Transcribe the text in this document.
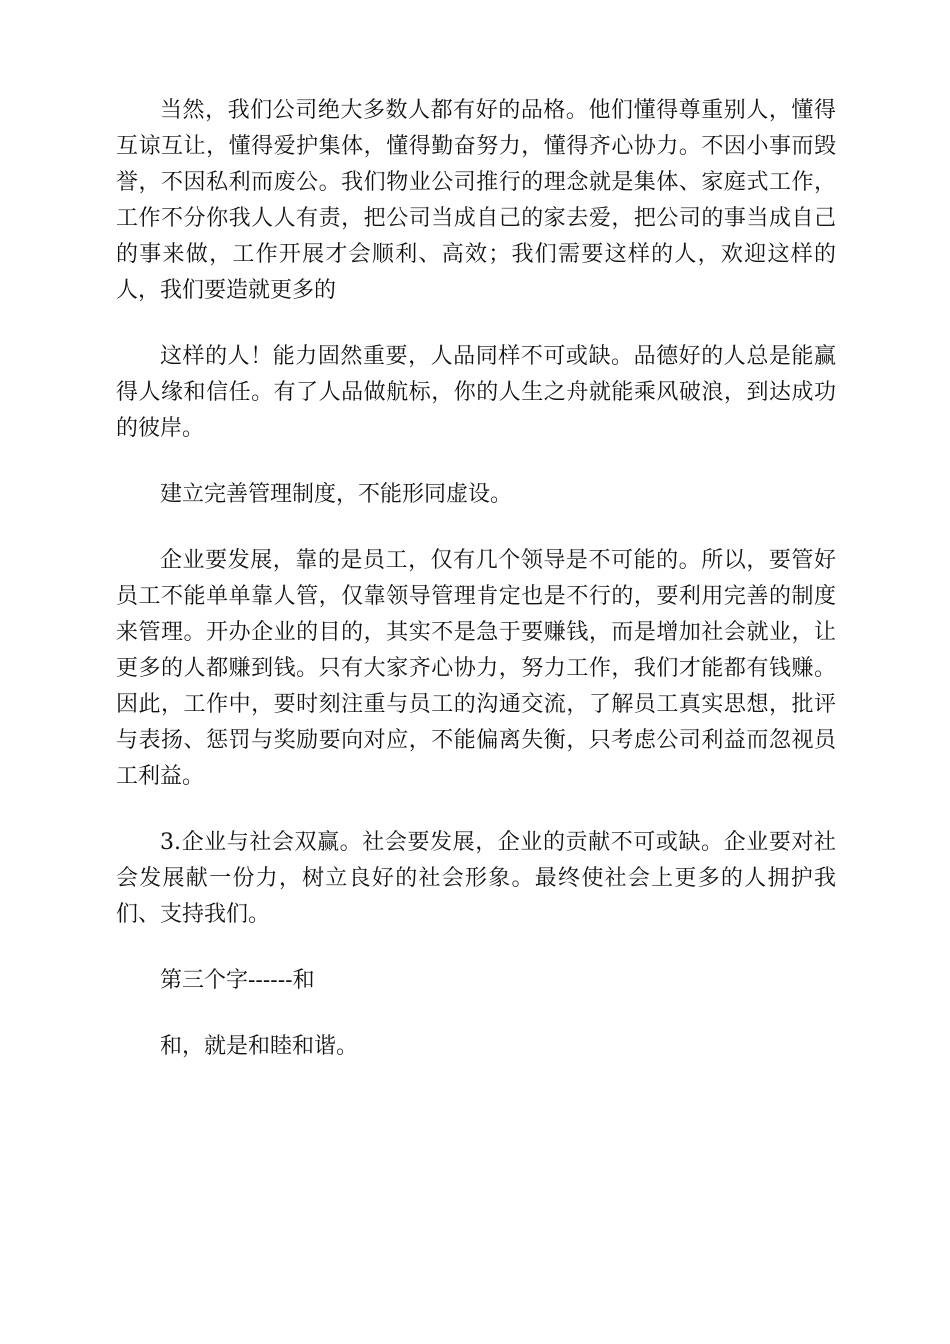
当然，我们公司绝大多数人都有好的品格。他们懂得尊重别人，懂得互谅互让，懂得爱护集体，懂得勤奋努力，懂得齐心协力。不因小事而毁誉，不因私利而废公。我们物业公司推行的理念就是集体、家庭式工作，工作不分你我人人有责，把公司当成自己的家去爱，把公司的事当成自己的事来做，工作开展才会顺利、高效；我们需要这样的人，欢迎这样的人，我们要造就更多的

这样的人！能力固然重要，人品同样不可或缺。品德好的人总是能赢得人缘和信任。有了人品做航标，你的人生之舟就能乘风破浪，到达成功的彼岸。

建立完善管理制度，不能形同虚设。

企业要发展，靠的是员工，仅有几个领导是不可能的。所以，要管好员工不能单单靠人管，仅靠领导管理肯定也是不行的，要利用完善的制度来管理。开办企业的目的，其实不是急于要赚钱，而是增加社会就业，让更多的人都赚到钱。只有大家齐心协力，努力工作，我们才能都有钱赚。因此，工作中，要时刻注重与员工的沟通交流，了解员工真实思想，批评与表扬、惩罚与奖励要向对应，不能偏离失衡，只考虑公司利益而忽视员工利益。

3.企业与社会双赢。社会要发展，企业的贡献不可或缺。企业要对社会发展献一份力，树立良好的社会形象。最终使社会上更多的人拥护我们、支持我们。

第三个字------和

和，就是和睦和谐。
